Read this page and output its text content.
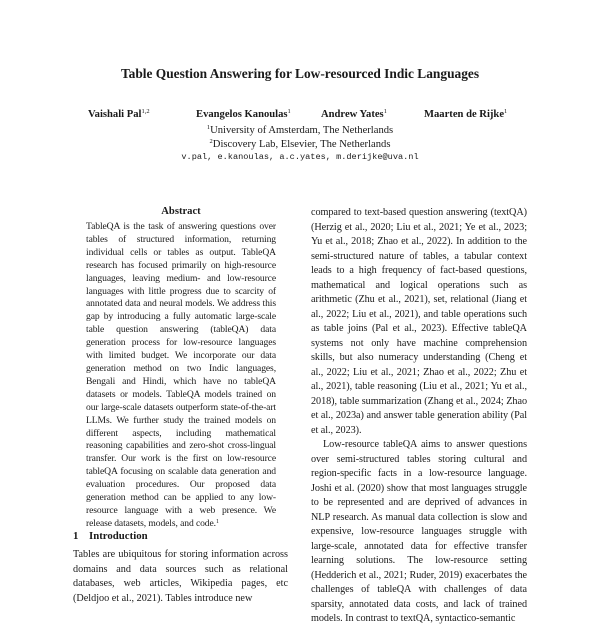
Table Question Answering for Low-resourced Indic Languages
Vaishali Pal$^{1,2}$	Evangelos Kanoulas$^1$	Andrew Yates$^1$	Maarten de Rijke$^1$
$^1$University of Amsterdam, The Netherlands
$^2$Discovery Lab, Elsevier, The Netherlands
v.pal, e.kanoulas, a.c.yates, m.derijke@uva.nl
Abstract
TableQA is the task of answering questions over tables of structured information, returning individual cells or tables as output. TableQA research has focused primarily on high-resource languages, leaving medium- and low-resource languages with little progress due to scarcity of annotated data and neural models. We address this gap by introducing a fully automatic large-scale table question answering (tableQA) data generation process for low-resource languages with limited budget. We incorporate our data generation method on two Indic languages, Bengali and Hindi, which have no tableQA datasets or models. TableQA models trained on our large-scale datasets outperform state-of-the-art LLMs. We further study the trained models on different aspects, including mathematical reasoning capabilities and zero-shot cross-lingual transfer. Our work is the first on low-resource tableQA focusing on scalable data generation and evaluation procedures. Our proposed data generation method can be applied to any low-resource language with a web presence. We release datasets, models, and code.$^1$
1 Introduction
Tables are ubiquitous for storing information across domains and data sources such as relational databases, web articles, Wikipedia pages, etc (Deldjoo et al., 2021). Tables introduce new

compared to text-based question answering (textQA) (Herzig et al., 2020; Liu et al., 2021; Ye et al., 2023; Yu et al., 2018; Zhao et al., 2022). In addition to the semi-structured nature of tables, a tabular context leads to a high frequency of fact-based questions, mathematical and logical operations such as arithmetic (Zhu et al., 2021), set, relational (Jiang et al., 2022; Liu et al., 2021), and table operations such as table joins (Pal et al., 2023). Effective tableQA systems not only have machine comprehension skills, but also numeracy understanding (Cheng et al., 2022; Liu et al., 2021; Zhao et al., 2022; Zhu et al., 2021), table reasoning (Liu et al., 2021; Yu et al., 2018), table summarization (Zhang et al., 2024; Zhao et al., 2023a) and answer table generation ability (Pal et al., 2023).

Low-resource tableQA aims to answer questions over semi-structured tables storing cultural and region-specific facts in a low-resource language. Joshi et al. (2020) show that most languages struggle to be represented and are deprived of advances in NLP research. As manual data collection is slow and expensive, low-resource languages struggle with large-scale, annotated data for effective transfer learning solutions. The low-resource setting (Hedderich et al., 2021; Ruder, 2019) exacerbates the challenges of tableQA with challenges of data sparsity, annotated data costs, and lack of trained models. In contrast to textQA, syntactico-semantic
